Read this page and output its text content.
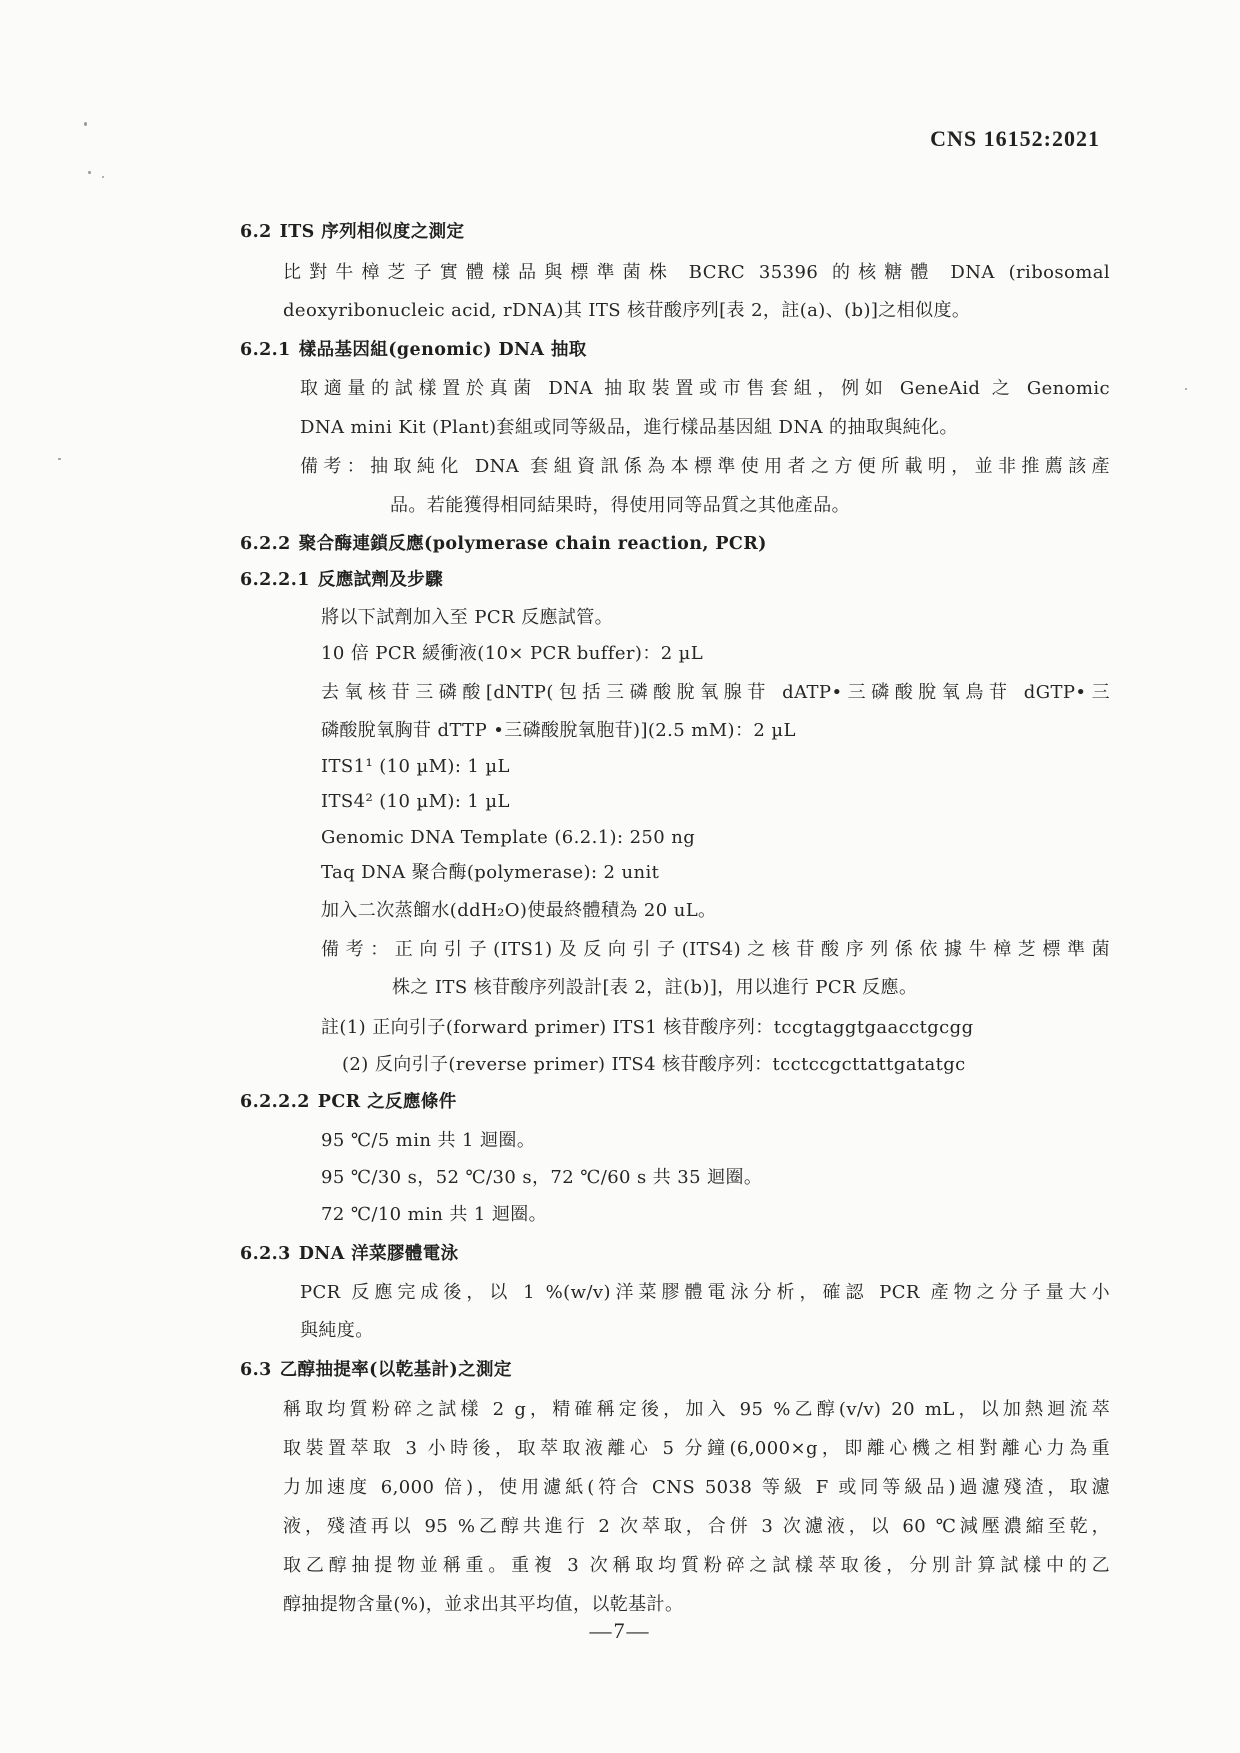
CNS 16152:2021
6.2 ITS 序列相似度之測定
比對牛樟芝子實體樣品與標準菌株 BCRC 35396 的核糖體 DNA (ribosomal
deoxyribonucleic acid, rDNA)其 ITS 核苷酸序列[表 2，註(a)、(b)]之相似度。
6.2.1 樣品基因組(genomic) DNA 抽取
取適量的試樣置於真菌 DNA 抽取裝置或市售套組，例如 GeneAid 之 Genomic
DNA mini Kit (Plant)套組或同等級品，進行樣品基因組 DNA 的抽取與純化。
備考：抽取純化 DNA 套組資訊係為本標準使用者之方便所載明，並非推薦該產
品。若能獲得相同結果時，得使用同等品質之其他產品。
6.2.2 聚合酶連鎖反應(polymerase chain reaction, PCR)
6.2.2.1 反應試劑及步驟
將以下試劑加入至 PCR 反應試管。
10 倍 PCR 緩衝液(10× PCR buffer)：2 µL
去氧核苷三磷酸[dNTP(包括三磷酸脫氧腺苷 dATP•三磷酸脫氧鳥苷 dGTP•三
磷酸脫氧胸苷 dTTP •三磷酸脫氧胞苷)](2.5 mM)：2 µL
ITS1¹ (10 µM): 1 µL
ITS4² (10 µM): 1 µL
Genomic DNA Template (6.2.1): 250 ng
Taq DNA 聚合酶(polymerase): 2 unit
加入二次蒸餾水(ddH₂O)使最終體積為 20 uL。
備考：正向引子(ITS1)及反向引子(ITS4)之核苷酸序列係依據牛樟芝標準菌
株之 ITS 核苷酸序列設計[表 2，註(b)]，用以進行 PCR 反應。
註(1) 正向引子(forward primer) ITS1 核苷酸序列：tccgtaggtgaacctgcgg
(2) 反向引子(reverse primer) ITS4 核苷酸序列：tcctccgcttattgatatgc
6.2.2.2 PCR 之反應條件
95 ℃/5 min 共 1 迴圈。
95 ℃/30 s，52 ℃/30 s，72 ℃/60 s 共 35 迴圈。
72 ℃/10 min 共 1 迴圈。
6.2.3 DNA 洋菜膠體電泳
PCR 反應完成後，以 1 %(w/v)洋菜膠體電泳分析，確認 PCR 產物之分子量大小
與純度。
6.3 乙醇抽提率(以乾基計)之測定
稱取均質粉碎之試樣 2 g，精確稱定後，加入 95 %乙醇(v/v) 20 mL，以加熱迴流萃
取裝置萃取 3 小時後，取萃取液離心 5 分鐘(6,000×g，即離心機之相對離心力為重
力加速度 6,000 倍)，使用濾紙(符合 CNS 5038 等級 F 或同等級品)過濾殘渣，取濾
液，殘渣再以 95 %乙醇共進行 2 次萃取，合併 3 次濾液，以 60 ℃減壓濃縮至乾，
取乙醇抽提物並稱重。重複 3 次稱取均質粉碎之試樣萃取後，分別計算試樣中的乙
醇抽提物含量(%)，並求出其平均值，以乾基計。
—7—
